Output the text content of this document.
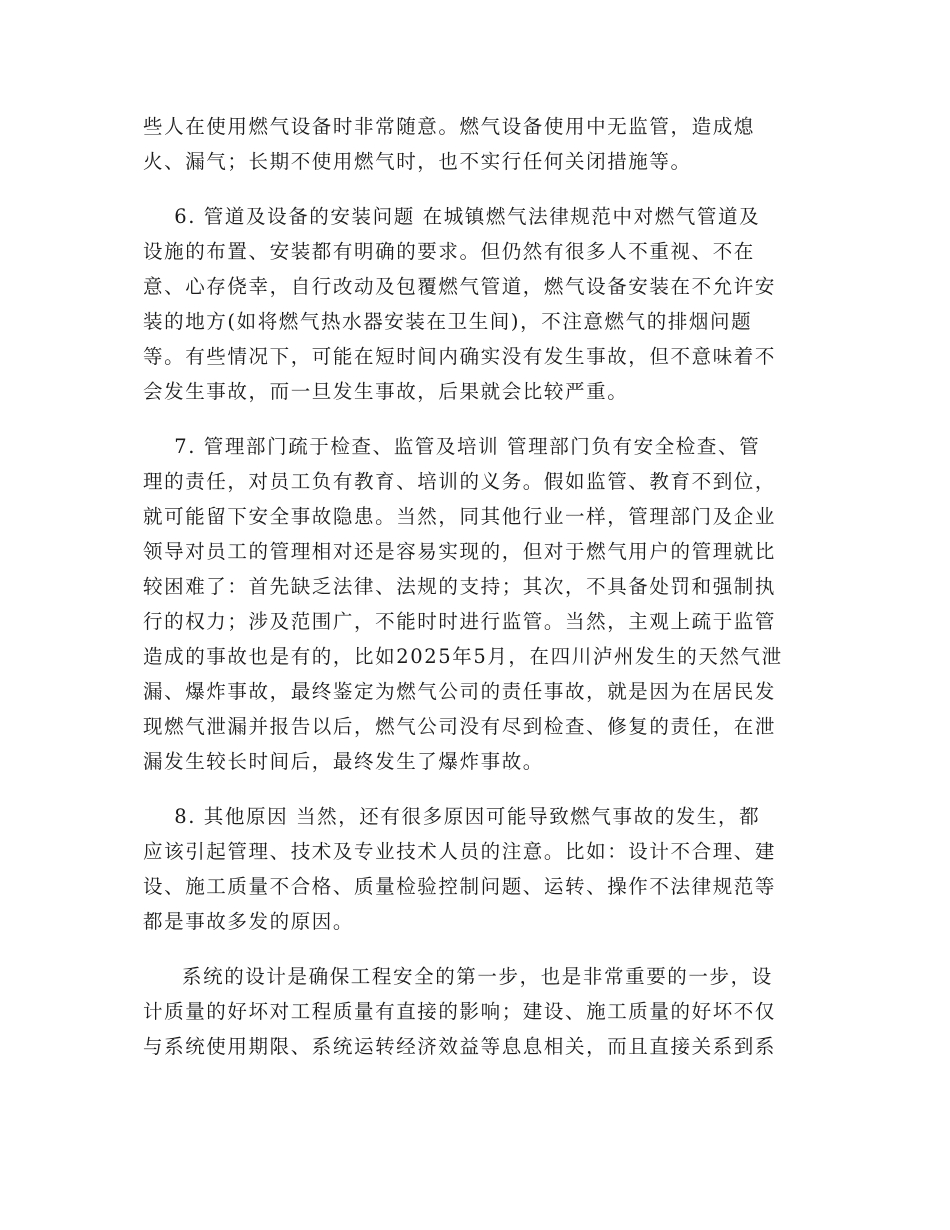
些人在使用燃气设备时非常随意。燃气设备使用中无监管，造成熄
火、漏气；长期不使用燃气时，也不实行任何关闭措施等。
6. 管道及设备的安装问题 在城镇燃气法律规范中对燃气管道及
设施的布置、安装都有明确的要求。但仍然有很多人不重视、不在
意、心存侥幸，自行改动及包覆燃气管道，燃气设备安装在不允许安
装的地方(如将燃气热水器安装在卫生间)，不注意燃气的排烟问题
等。有些情况下，可能在短时间内确实没有发生事故，但不意味着不
会发生事故，而一旦发生事故，后果就会比较严重。
7. 管理部门疏于检查、监管及培训 管理部门负有安全检查、管
理的责任，对员工负有教育、培训的义务。假如监管、教育不到位，
就可能留下安全事故隐患。当然，同其他行业一样，管理部门及企业
领导对员工的管理相对还是容易实现的，但对于燃气用户的管理就比
较困难了：首先缺乏法律、法规的支持；其次，不具备处罚和强制执
行的权力；涉及范围广，不能时时进行监管。当然，主观上疏于监管
造成的事故也是有的，比如2025年5月，在四川泸州发生的天然气泄
漏、爆炸事故，最终鉴定为燃气公司的责任事故，就是因为在居民发
现燃气泄漏并报告以后，燃气公司没有尽到检查、修复的责任，在泄
漏发生较长时间后，最终发生了爆炸事故。
8. 其他原因 当然，还有很多原因可能导致燃气事故的发生，都
应该引起管理、技术及专业技术人员的注意。比如：设计不合理、建
设、施工质量不合格、质量检验控制问题、运转、操作不法律规范等
都是事故多发的原因。
系统的设计是确保工程安全的第一步，也是非常重要的一步，设
计质量的好坏对工程质量有直接的影响；建设、施工质量的好坏不仅
与系统使用期限、系统运转经济效益等息息相关，而且直接关系到系
